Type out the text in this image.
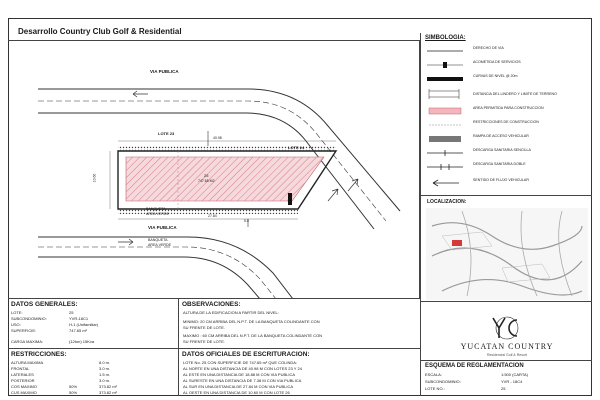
Desarrollo Country Club Golf & Residential
VIA PUBLICA
VIA PUBLICA
LOTE 23
LOTE 24
25
747.65 M2
40.98
10.60
27.84
5.0
BANQUETA
AREA VERDE
BANQUETA
AREA VERDE
SIMBOLOGIA:
DERECHO DE VIA
ACOMETIDA DE SERVICIOS
CURVAS DE NIVEL @ 20m
DISTANCIA DEL LINDERO Y LIMITE DE TERRENO
AREA PERMITIDA PARA CONSTRUCCION
RESTRICCIONES DE CONSTRUCCION
RAMPA DE ACCESO VEHICULAR
DESCARGA SANITARIA SENCILLA
DESCARGA SANITARIA DOBLE
SENTIDO DE FLUJO VEHICULAR
LOCALIZACION:
YUCATAN COUNTRY
Residencial Golf & Resort
ESQUEMA DE REGLAMENTACION
ESCALA:	1:500 (CARTA)
SUBCONDOMINIO:	YVR - 18C4
LOTE NO.:	25
DATOS GENERALES:
LOTE:	25
SUBCONDOMINIO:	YVR-18C1
USO:	H-1 (Unifamiliar)
SUPERFICIE:	747.65 m²
CARGA MAXIMA:	(12ton) 15Kva
RESTRICCIONES:
ALTURA MAXIMA	8.0 m.
FRONTAL	3.0 m.
LATERALES	1.5 m.
POSTERIOR	3.0 m.
COS MAXIMO	50%	373.82 m²
CUS MAXIMO	50%	373.82 m²
OBSERVACIONES:
ALTURA DE LA EDIFICACION A PARTIR DEL NIVEL:
MINIMO: 20 CM ARRIBA DEL N.P.T. DE LA BANQUETA COLINDANTE CON
SU FRENTE DE LOTE.
MAXIMO : 60 CM ARRIBA DEL N.P.T. DE LA BANQUETA COLINDANTE CON
SU FRENTE DE LOTE.
DATOS OFICIALES DE ESCRITURACION:
LOTE No. 25 CON SUPERFICIE DE 747.65 m² QUE COLINDA:
AL NORTE EN UNA DISTANCIA DE 40.98 M CON LOTES 23 Y 24
AL ESTE EN UNA DISTANCIA DE 18.88 M CON VIA PUBLICA
AL SURESTE EN UNA DISTANCIA DE 7.38 M CON VIA PUBLICA
AL SUR EN UNA DISTANCIA DE 27.84 M CON VIA PUBLICA
AL OESTE EN UNA DISTANCIA DE 10.60 M CON LOTE 26
